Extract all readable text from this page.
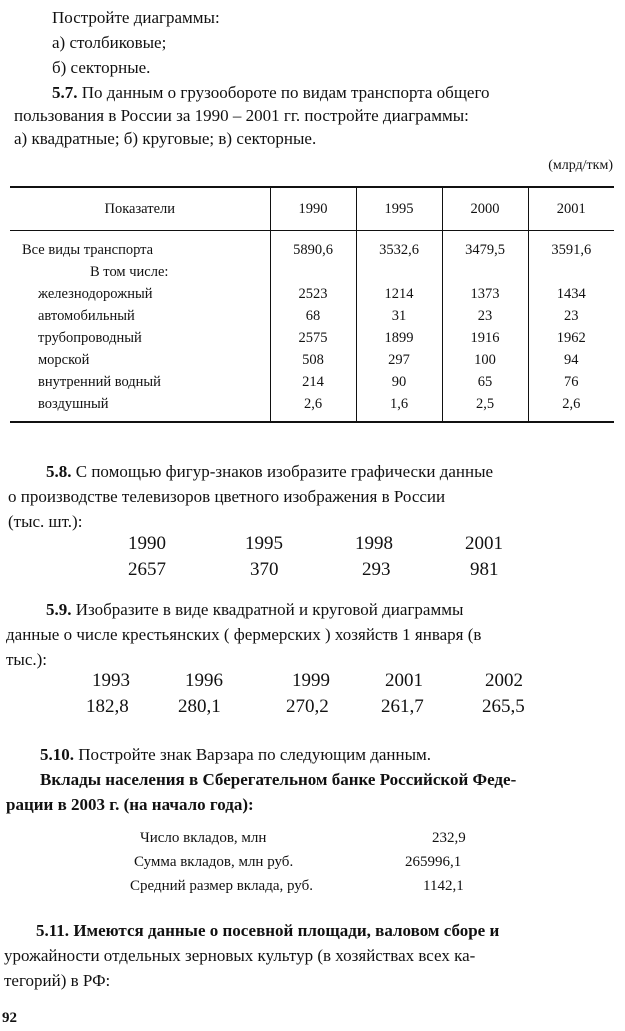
Постройте диаграммы:
а) столбиковые;
б) секторные.
5.7. По данным о грузообороте по видам транспорта общего
пользования в России за 1990 – 2001 гг. постройте диаграммы:
а) квадратные; б) круговые; в) секторные.
(млрд/ткм)
Показатели	1990	1995	2000	2001
Все виды транспорта	5890,6	3532,6	3479,5	3591,6
В том числе:				
железнодорожный	2523	1214	1373	1434
автомобильный	68	31	23	23
трубопроводный	2575	1899	1916	1962
морской	508	297	100	94
внутренний водный	214	90	65	76
воздушный	2,6	1,6	2,5	2,6
5.8. С помощью фигур-знаков изобразите графически данные
о производстве телевизоров цветного изображения в России
(тыс. шт.):
1990	1995	1998	2001
2657	370	293	981
5.9. Изобразите в виде квадратной и круговой диаграммы
данные о числе крестьянских ( фермерских ) хозяйств 1 января (в
тыс.):
1993	1996	1999	2001	2002
182,8	280,1	270,2	261,7	265,5
5.10. Постройте знак Варзара по следующим данным.
Вклады населения в Сберегательном банке Российской Феде-
рации в 2003 г. (на начало года):
Число вкладов, млн	232,9
Сумма вкладов, млн руб.	265996,1
Средний размер вклада, руб.	1142,1
5.11. Имеются данные о посевной площади, валовом сборе и
урожайности отдельных зерновых культур (в хозяйствах всех ка-
тегорий) в РФ:
92
